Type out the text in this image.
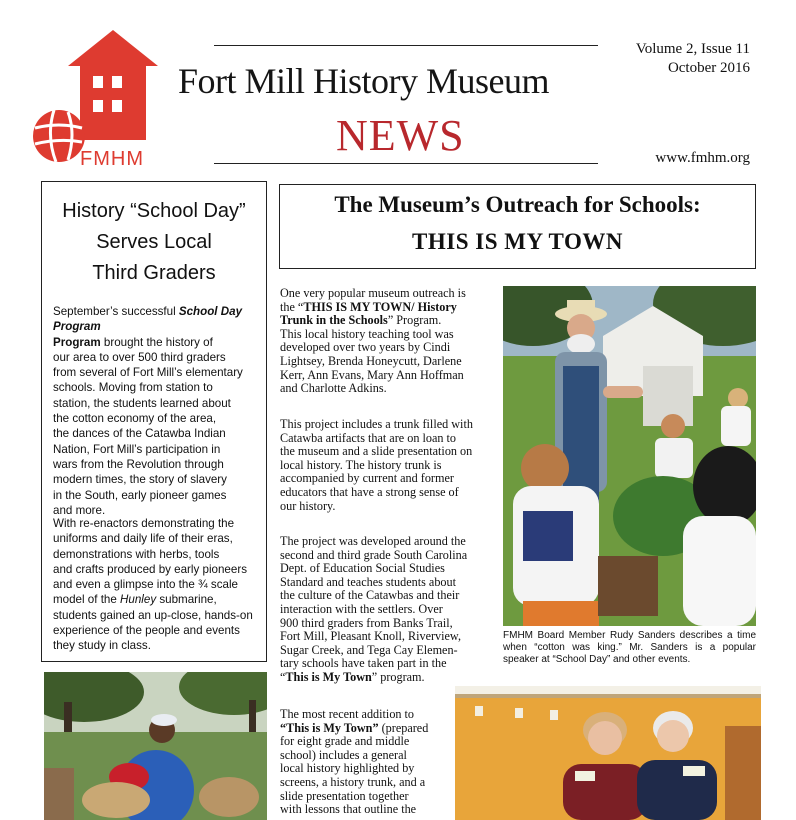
FMHM
Fort Mill History Museum
NEWS
Volume 2, Issue 11
October 2016
www.fmhm.org
History “School Day”
Serves Local
Third Graders
September’s successful School Day Program
Program brought the history of
our area to over 500 third graders
from several of Fort Mill’s elementary
schools. Moving from station to
station, the students learned about
the cotton economy of the area,
the dances of the Catawba Indian
Nation, Fort Mill’s participation in
wars from the Revolution through
modern times, the story of slavery
in the South, early pioneer games
and more.
With re-enactors demonstrating the
uniforms and daily life of their eras,
demonstrations with herbs, tools
and crafts produced by early pioneers
and even a glimpse into the ¾ scale
model of the Hunley submarine,
students gained an up-close, hands-on
experience of the people and events
they study in class.
The Museum’s Outreach for Schools:
THIS IS MY TOWN
One very popular museum outreach is
the “THIS IS MY TOWN/ History
Trunk in the Schools” Program.
This local history teaching tool was
developed over two years by Cindi
Lightsey, Brenda Honeycutt, Darlene
Kerr, Ann Evans, Mary Ann Hoffman
and Charlotte Adkins.
This project includes a trunk filled with
Catawba artifacts that are on loan to
the museum and a slide presentation on
local history. The history trunk is
accompanied by current and former
educators that have a strong sense of
our history.
The project was developed around the
second and third grade South Carolina
Dept. of Education Social Studies
Standard and teaches students about
the culture of the Catawbas and their
interaction with the settlers. Over
900 third graders from Banks Trail,
Fort Mill, Pleasant Knoll, Riverview,
Sugar Creek, and Tega Cay Elemen-
tary schools have taken part in the
“This is My Town” program.
The most recent addition to
“This is My Town” (prepared
for eight grade and middle
school) includes a general
local history highlighted by
screens, a history trunk, and a
slide presentation together
with lessons that outline the
FMHM Board Member Rudy Sanders describes a time when “cotton was king.” Mr. Sanders is a popular speaker at “School Day” and other events.
